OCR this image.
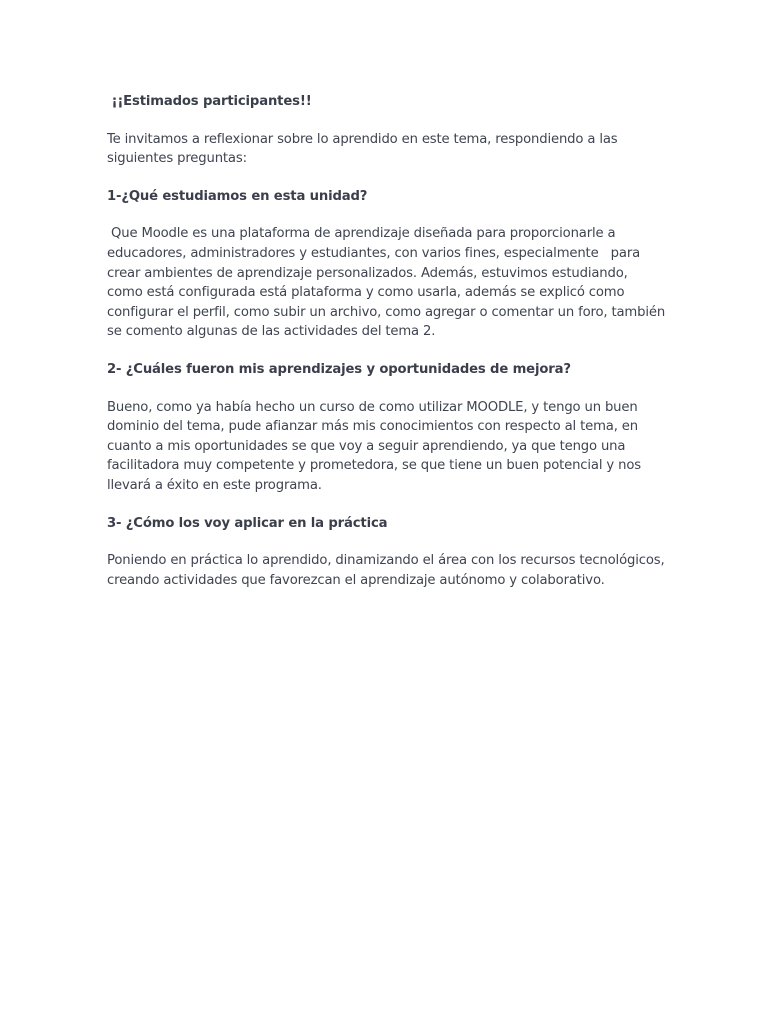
¡¡Estimados participantes!!

Te invitamos a reflexionar sobre lo aprendido en este tema, respondiendo a las siguientes preguntas:

1-¿Qué estudiamos en esta unidad?

Que Moodle es una plataforma de aprendizaje diseñada para proporcionarle a educadores, administradores y estudiantes, con varios fines, especialmente   para crear ambientes de aprendizaje personalizados. Además, estuvimos estudiando, como está configurada está plataforma y como usarla, además se explicó como configurar el perfil, como subir un archivo, como agregar o comentar un foro, también se comento algunas de las actividades del tema 2.

2- ¿Cuáles fueron mis aprendizajes y oportunidades de mejora?

Bueno, como ya había hecho un curso de como utilizar MOODLE, y tengo un buen dominio del tema, pude afianzar más mis conocimientos con respecto al tema, en cuanto a mis oportunidades se que voy a seguir aprendiendo, ya que tengo una facilitadora muy competente y prometedora, se que tiene un buen potencial y nos llevará a éxito en este programa.

3- ¿Cómo los voy aplicar en la práctica

Poniendo en práctica lo aprendido, dinamizando el área con los recursos tecnológicos, creando actividades que favorezcan el aprendizaje autónomo y colaborativo.
